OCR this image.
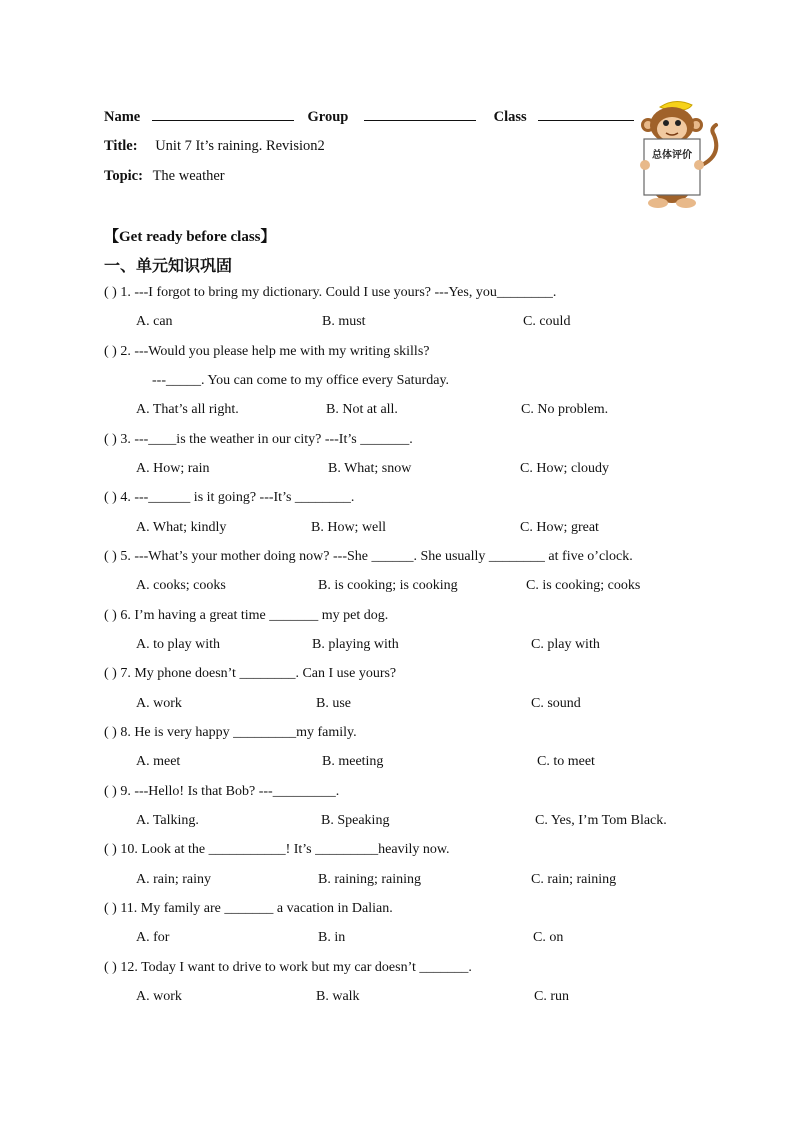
Name	Group	Class
Title: Unit 7 It’s raining. Revision2
Topic: The weather
总体评价
【Get ready before class】
一、单元知识巩固
( ) 1. ---I forgot to bring my dictionary. Could I use yours? ---Yes, you________.
A. can	B. must	C. could
( ) 2. ---Would you please help me with my writing skills?
---_____. You can come to my office every Saturday.
A. That’s all right.	B. Not at all.	C. No problem.
( ) 3. ---____is the weather in our city? ---It’s _______.
A. How; rain	B. What; snow	C. How; cloudy
( ) 4. ---______ is it going? ---It’s ________.
A. What; kindly	B. How; well	C. How; great
( ) 5. ---What’s your mother doing now? ---She ______. She usually ________ at five o’clock.
A. cooks; cooks	B. is cooking; is cooking	C. is cooking; cooks
( ) 6. I’m having a great time _______ my pet dog.
A. to play with	B. playing with	C. play with
( ) 7. My phone doesn’t ________. Can I use yours?
A. work	B. use	C. sound
( ) 8. He is very happy _________my family.
A. meet	B. meeting	C. to meet
( ) 9. ---Hello! Is that Bob? ---_________.
A. Talking.	B. Speaking	C. Yes, I’m Tom Black.
( ) 10. Look at the ___________! It’s _________heavily now.
A. rain; rainy	B. raining; raining	C. rain; raining
( ) 11. My family are _______ a vacation in Dalian.
A. for	B. in	C. on
( ) 12. Today I want to drive to work but my car doesn’t _______.
A. work	B. walk	C. run
